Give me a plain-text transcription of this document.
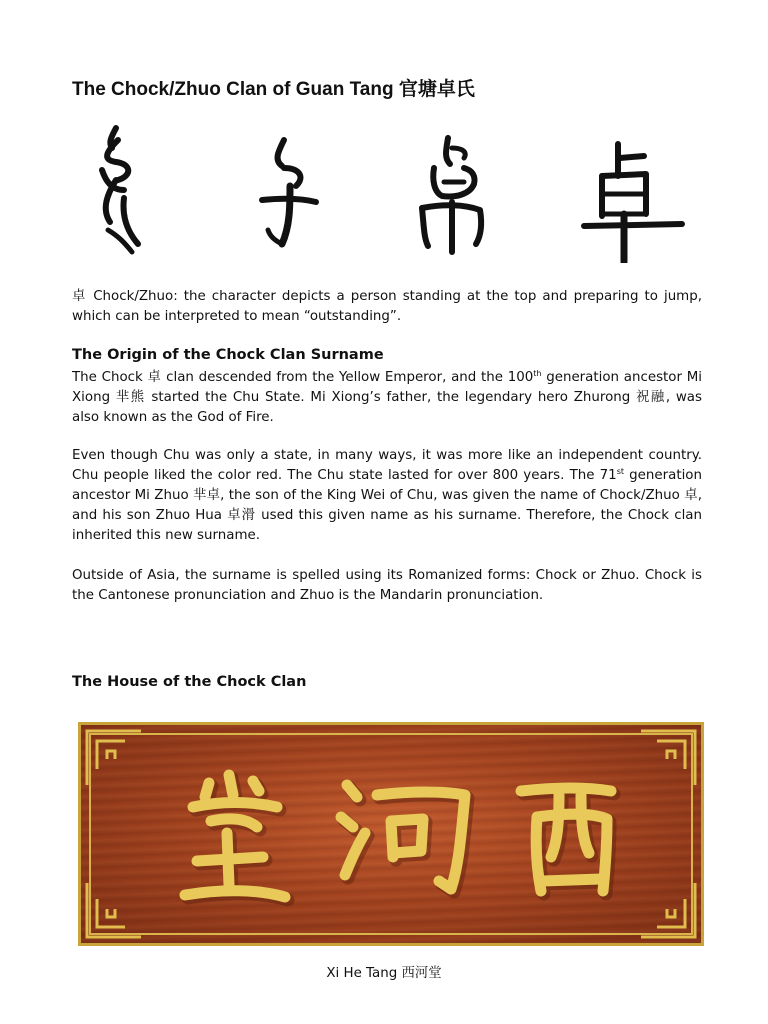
The Chock/Zhuo Clan of Guan Tang 官塘卓氏

卓 Chock/Zhuo: the character depicts a person standing at the top and preparing to jump, which can be interpreted to mean “outstanding”.

The Origin of the Chock Clan Surname

The Chock 卓 clan descended from the Yellow Emperor, and the 100th generation ancestor Mi Xiong 芈熊 started the Chu State. Mi Xiong’s father, the legendary hero Zhurong 祝融, was also known as the God of Fire.

Even though Chu was only a state, in many ways, it was more like an independent country. Chu people liked the color red. The Chu state lasted for over 800 years. The 71st generation ancestor Mi Zhuo 芈卓, the son of the King Wei of Chu, was given the name of Chock/Zhuo 卓, and his son Zhuo Hua 卓滑 used this given name as his surname. Therefore, the Chock clan inherited this new surname.

Outside of Asia, the surname is spelled using its Romanized forms: Chock or Zhuo. Chock is the Cantonese pronunciation and Zhuo is the Mandarin pronunciation.

The House of the Chock Clan

Xi He Tang 西河堂
